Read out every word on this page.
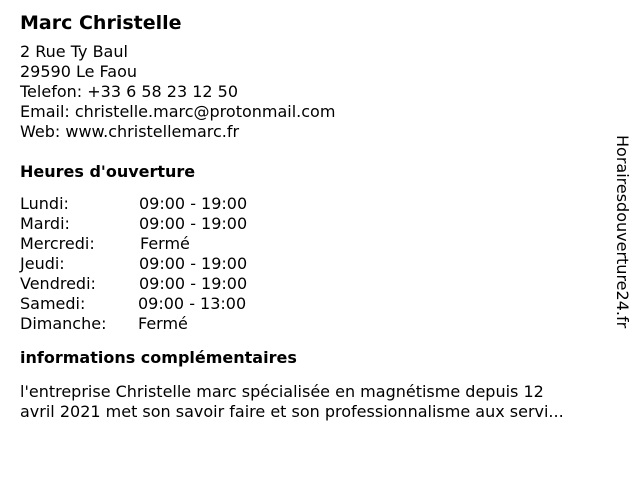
Marc Christelle
2 Rue Ty Baul
29590 Le Faou
Telefon: +33 6 58 23 12 50
Email: christelle.marc@protonmail.com
Web: www.christellemarc.fr
Heures d'ouverture
Lundi:	09:00 - 19:00
Mardi:	09:00 - 19:00
Mercredi:	Fermé
Jeudi:	09:00 - 19:00
Vendredi:	09:00 - 19:00
Samedi:	09:00 - 13:00
Dimanche: Fermé
informations complémentaires
l'entreprise Christelle marc spécialisée en magnétisme depuis 12
avril 2021 met son savoir faire et son professionnalisme aux servi...
Horairesdouverture24.fr
